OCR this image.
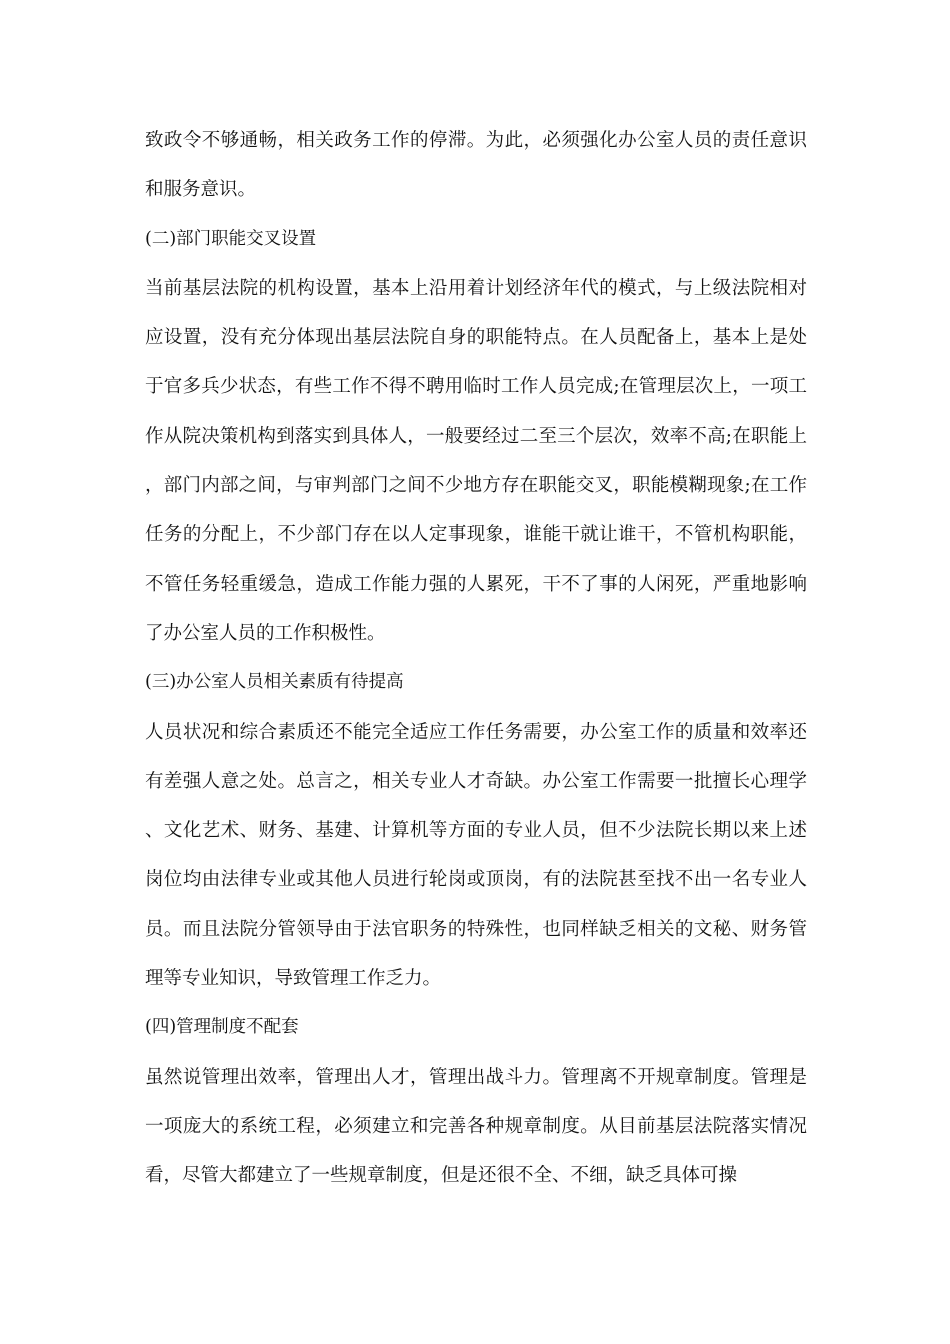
致政令不够通畅，相关政务工作的停滞。为此，必须强化办公室人员的责任意识和服务意识。

(二)部门职能交叉设置

当前基层法院的机构设置，基本上沿用着计划经济年代的模式，与上级法院相对应设置，没有充分体现出基层法院自身的职能特点。在人员配备上，基本上是处于官多兵少状态，有些工作不得不聘用临时工作人员完成;在管理层次上，一项工作从院决策机构到落实到具体人，一般要经过二至三个层次，效率不高;在职能上，部门内部之间，与审判部门之间不少地方存在职能交叉，职能模糊现象;在工作任务的分配上，不少部门存在以人定事现象，谁能干就让谁干，不管机构职能，不管任务轻重缓急，造成工作能力强的人累死，干不了事的人闲死，严重地影响了办公室人员的工作积极性。

(三)办公室人员相关素质有待提高

人员状况和综合素质还不能完全适应工作任务需要，办公室工作的质量和效率还有差强人意之处。总言之，相关专业人才奇缺。办公室工作需要一批擅长心理学、文化艺术、财务、基建、计算机等方面的专业人员，但不少法院长期以来上述岗位均由法律专业或其他人员进行轮岗或顶岗，有的法院甚至找不出一名专业人员。而且法院分管领导由于法官职务的特殊性，也同样缺乏相关的文秘、财务管理等专业知识，导致管理工作乏力。

(四)管理制度不配套

虽然说管理出效率，管理出人才，管理出战斗力。管理离不开规章制度。管理是一项庞大的系统工程，必须建立和完善各种规章制度。从目前基层法院落实情况看，尽管大都建立了一些规章制度，但是还很不全、不细，缺乏具体可操
